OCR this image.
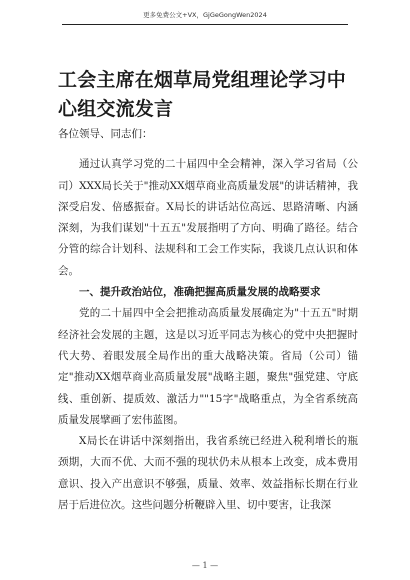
更多免费公文+VX，GjGeGongWen2024
工会主席在烟草局党组理论学习中心组交流发言

各位领导、同志们：

通过认真学习党的二十届四中全会精神，深入学习省局（公司）XXX局长关于"推动XX烟草商业高质量发展"的讲话精神，我深受启发、倍感振奋。X局长的讲话站位高远、思路清晰、内涵深刻，为我们谋划"十五五"发展指明了方向、明确了路径。结合分管的综合计划科、法规科和工会工作实际，我谈几点认识和体会。

一、提升政治站位，准确把握高质量发展的战略要求

党的二十届四中全会把推动高质量发展确定为"十五五"时期经济社会发展的主题，这是以习近平同志为核心的党中央把握时代大势、着眼发展全局作出的重大战略决策。省局（公司）锚定"推动XX烟草商业高质量发展"战略主题，聚焦"强党建、守底线、重创新、提质效、激活力""15字"战略重点，为全省系统高质量发展擘画了宏伟蓝图。

X局长在讲话中深刻指出，我省系统已经进入税利增长的瓶颈期，大而不优、大而不强的现状仍未从根本上改变，成本费用意识、投入产出意识不够强，质量、效率、效益指标长期在行业居于后进位次。这些问题分析鞭辟入里、切中要害，让我深

— 1 —
